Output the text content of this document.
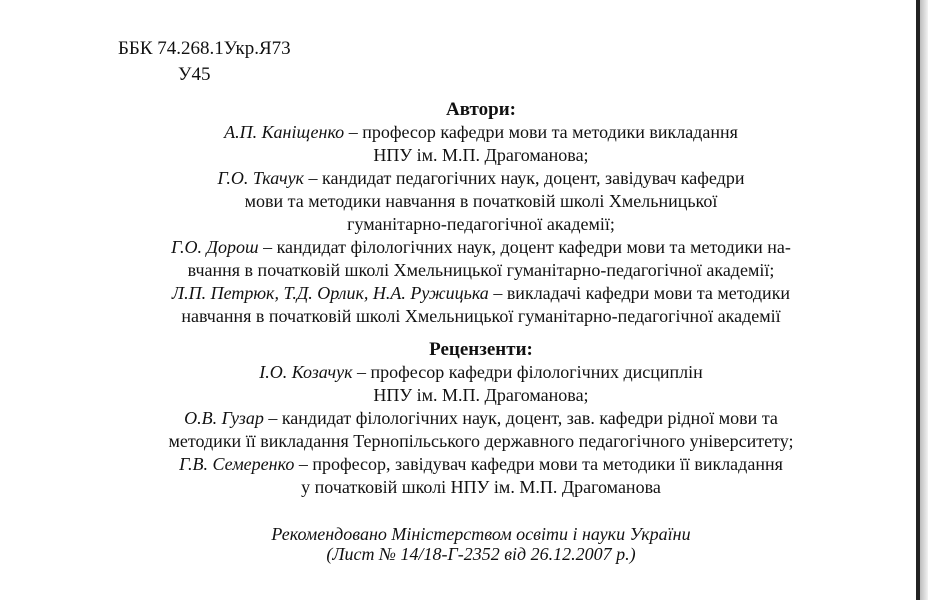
ББК 74.268.1Укр.Я73
У45
Автори:
А.П. Каніщенко – професор кафедри мови та методики викладання
НПУ ім. М.П. Драгоманова;
Г.О. Ткачук – кандидат педагогічних наук, доцент, завідувач кафедри
мови та методики навчання в початковій школі Хмельницької
гуманітарно-педагогічної академії;
Г.О. Дорош – кандидат філологічних наук, доцент кафедри мови та методики на-
вчання в початковій школі Хмельницької гуманітарно-педагогічної академії;
Л.П. Петрюк, Т.Д. Орлик, Н.А. Ружицька – викладачі кафедри мови та методики
навчання в початковій школі Хмельницької гуманітарно-педагогічної академії
Рецензенти:
І.О. Козачук – професор кафедри філологічних дисциплін
НПУ ім. М.П. Драгоманова;
О.В. Гузар – кандидат філологічних наук, доцент, зав. кафедри рідної мови та
методики її викладання Тернопільського державного педагогічного університету;
Г.В. Семеренко – професор, завідувач кафедри мови та методики її викладання
у початковій школі НПУ ім. М.П. Драгоманова
Рекомендовано Міністерством освіти і науки України
(Лист № 14/18-Г-2352 від 26.12.2007 р.)
